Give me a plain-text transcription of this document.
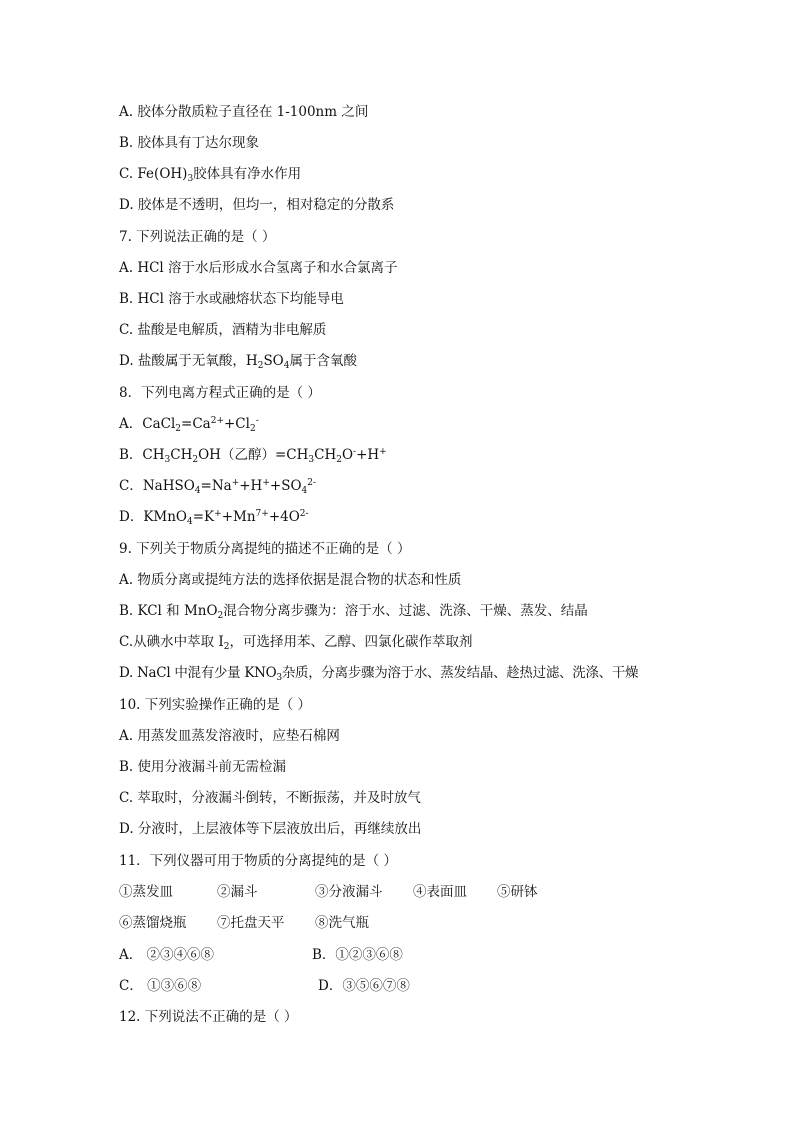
A. 胶体分散质粒子直径在 1-100nm 之间
B. 胶体具有丁达尔现象
C. $Fe(OH)_3$胶体具有净水作用
D. 胶体是不透明，但均一，相对稳定的分散系
7. 下列说法正确的是（ ）
A. HCl 溶于水后形成水合氢离子和水合氯离子
B. HCl 溶于水或融熔状态下均能导电
C. 盐酸是电解质，酒精为非电解质
D. 盐酸属于无氧酸，$H_2SO_4$属于含氧酸
8．下列电离方程式正确的是（ ）
A．$CaCl_2=Ca^{2+}+Cl_2^-$
B．$CH_3CH_2OH$（乙醇）$=CH_3CH_2O^-+H^+$
C．$NaHSO_4=Na^++H^++SO_4^{2-}$
D．$KMnO_4=K^++Mn^{7+}+4O^{2-}$
9. 下列关于物质分离提纯的描述不正确的是（ ）
A. 物质分离或提纯方法的选择依据是混合物的状态和性质
B. KCl 和 MnO$_2$混合物分离步骤为：溶于水、过滤、洗涤、干燥、蒸发、结晶
C.从碘水中萃取 $I_2$，可选择用苯、乙醇、四氯化碳作萃取剂
D. NaCl 中混有少量 $KNO_3$杂质，分离步骤为溶于水、蒸发结晶、趁热过滤、洗涤、干燥
10. 下列实验操作正确的是（ ）
A. 用蒸发皿蒸发溶液时，应垫石棉网
B. 使用分液漏斗前无需检漏
C. 萃取时，分液漏斗倒转，不断振荡，并及时放气
D. 分液时，上层液体等下层液放出后，再继续放出
11．下列仪器可用于物质的分离提纯的是（ ）
①蒸发皿	②漏斗	③分液漏斗 ④表面皿 ⑤研钵
⑥蒸馏烧瓶 ⑦托盘天平 ⑧洗气瓶
A． ②③④⑥⑧	B．①②③⑥⑧
C． ①③⑥⑧	D．③⑤⑥⑦⑧
12. 下列说法不正确的是（ ）
